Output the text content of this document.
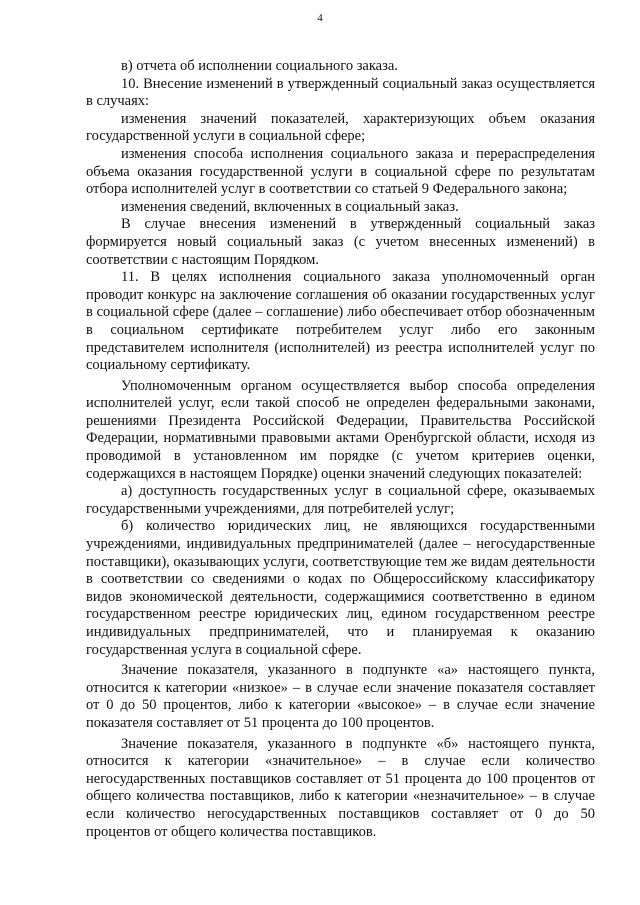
4

в) отчета об исполнении социального заказа.

10. Внесение изменений в утвержденный социальный заказ осуществляется в случаях:

изменения значений показателей, характеризующих объем оказания государственной услуги в социальной сфере;

изменения способа исполнения социального заказа и перераспределения объема оказания государственной услуги в социальной сфере по результатам отбора исполнителей услуг в соответствии со статьей 9 Федерального закона;

изменения сведений, включенных в социальный заказ.

В случае внесения изменений в утвержденный социальный заказ формируется новый социальный заказ (с учетом внесенных изменений) в соответствии с настоящим Порядком.

11. В целях исполнения социального заказа уполномоченный орган проводит конкурс на заключение соглашения об оказании государственных услуг в социальной сфере (далее – соглашение) либо обеспечивает отбор обозначенным в социальном сертификате потребителем услуг либо его законным представителем исполнителя (исполнителей) из реестра исполнителей услуг по социальному сертификату.

Уполномоченным органом осуществляется выбор способа определения исполнителей услуг, если такой способ не определен федеральными законами, решениями Президента Российской Федерации, Правительства Российской Федерации, нормативными правовыми актами Оренбургской области, исходя из проводимой в установленном им порядке (с учетом критериев оценки, содержащихся в настоящем Порядке) оценки значений следующих показателей:

а) доступность государственных услуг в социальной сфере, оказываемых государственными учреждениями, для потребителей услуг;

б) количество юридических лиц, не являющихся государственными учреждениями, индивидуальных предпринимателей (далее – негосударственные поставщики), оказывающих услуги, соответствующие тем же видам деятельности в соответствии со сведениями о кодах по Общероссийскому классификатору видов экономической деятельности, содержащимися соответственно в едином государственном реестре юридических лиц, едином государственном реестре индивидуальных предпринимателей, что и планируемая к оказанию государственная услуга в социальной сфере.

Значение показателя, указанного в подпункте «а» настоящего пункта, относится к категории «низкое» – в случае если значение показателя составляет от 0 до 50 процентов, либо к категории «высокое» – в случае если значение показателя составляет от 51 процента до 100 процентов.

Значение показателя, указанного в подпункте «б» настоящего пункта, относится к категории «значительное» – в случае если количество негосударственных поставщиков составляет от 51 процента до 100 процентов от общего количества поставщиков, либо к категории «незначительное» – в случае если количество негосударственных поставщиков составляет от 0 до 50 процентов от общего количества поставщиков.
